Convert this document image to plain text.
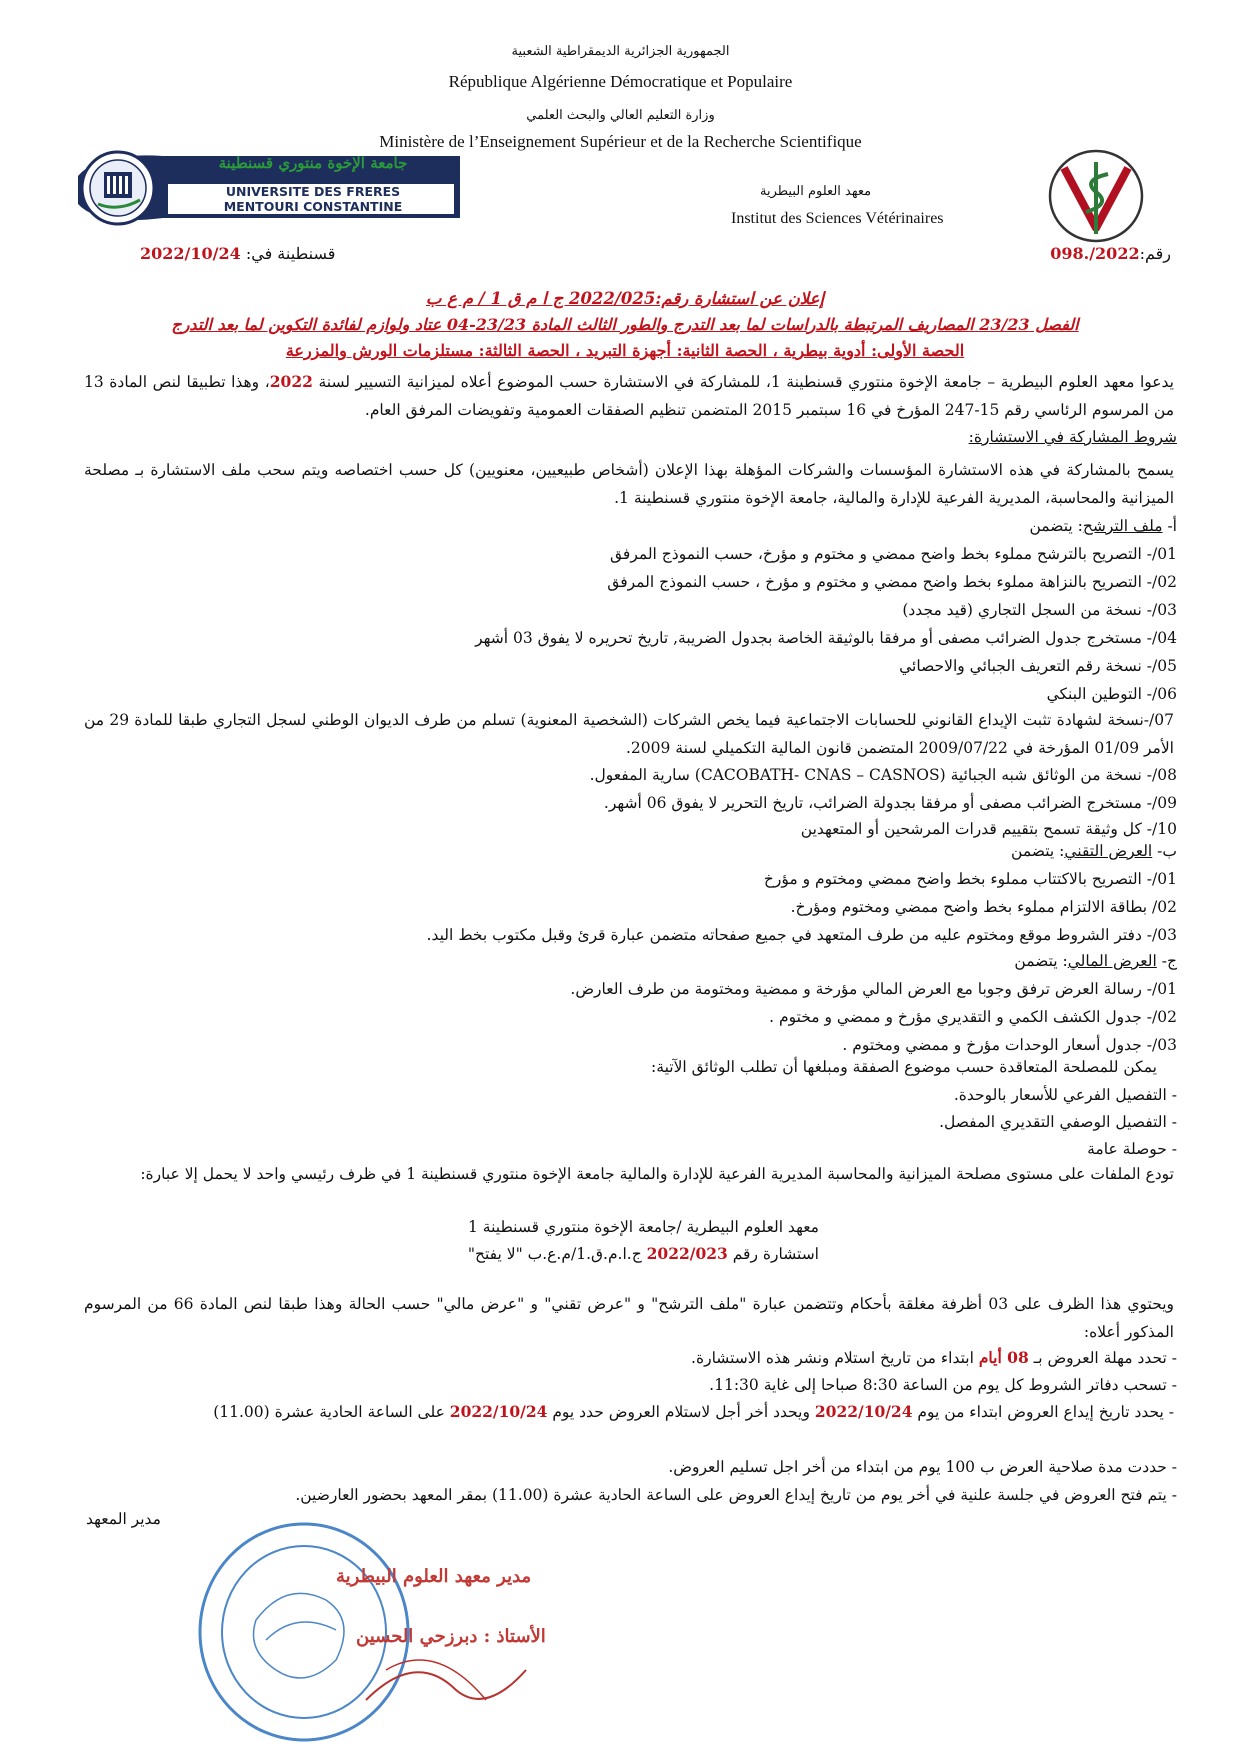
الجمهورية الجزائرية الديمقراطية الشعبية
République Algérienne Démocratique et Populaire
وزارة التعليم العالي والبحث العلمي
Ministère de l’Enseignement Supérieur et de la Recherche Scientifique
جامعة الإخوة منتوري قسنطينة
UNIVERSITE DES FRERES
MENTOURI CONSTANTINE
معهد العلوم البيطرية
Institut des Sciences Vétérinaires
رقم:2022/.098
قسنطينة في: 2022/10/24
إعلان عن استشارة رقم:2022/025 ج ا م ق 1 / م ع ب
الفصل 23/23 المصاريف المرتبطة بالدراسات لما بعد التدرج والطور الثالث المادة 23/23-04 عتاد ولوازم لفائدة التكوين لما بعد التدرج
الحصة الأولى: أدوية بيطرية ، الحصة الثانية: أجهزة التبريد ، الحصة الثالثة: مستلزمات الورش والمزرعة
يدعوا معهد العلوم البيطرية – جامعة الإخوة منتوري قسنطينة 1، للمشاركة في الاستشارة حسب الموضوع أعلاه لميزانية التسيير لسنة 2022، وهذا تطبيقا لنص المادة 13 من المرسوم الرئاسي رقم 15-247 المؤرخ في 16 سبتمبر 2015 المتضمن تنظيم الصفقات العمومية وتفويضات المرفق العام.
شروط المشاركة في الاستشارة:
يسمح بالمشاركة في هذه الاستشارة المؤسسات والشركات المؤهلة بهذا الإعلان (أشخاص طبيعيين، معنويين) كل حسب اختصاصه ويتم سحب ملف الاستشارة بـ مصلحة الميزانية والمحاسبة، المديرية الفرعية للإدارة والمالية، جامعة الإخوة منتوري قسنطينة 1.
أ- ملف الترشح: يتضمن
01/- التصريح بالترشح مملوء بخط واضح ممضي و مختوم و مؤرخ، حسب النموذج المرفق
02/- التصريح بالنزاهة مملوء بخط واضح ممضي و مختوم و مؤرخ ، حسب النموذج المرفق
03/- نسخة من السجل التجاري (قيد مجدد)
04/- مستخرج جدول الضرائب مصفى أو مرفقا بالوثيقة الخاصة بجدول الضريبة, تاريخ تحريره لا يفوق 03 أشهر
05/- نسخة رقم التعريف الجبائي والاحصائي
06/- التوطين البنكي
07/-نسخة لشهادة تثبت الإيداع القانوني للحسابات الاجتماعية فيما يخص الشركات (الشخصية المعنوية) تسلم من طرف الديوان الوطني لسجل التجاري طبقا للمادة 29 من الأمر 01/09 المؤرخة في 2009/07/22 المتضمن قانون المالية التكميلي لسنة 2009.
08/- نسخة من الوثائق شبه الجبائية (CACOBATH- CNAS – CASNOS) سارية المفعول.
09/- مستخرج الضرائب مصفى أو مرفقا بجدولة الضرائب، تاريخ التحرير لا يفوق 06 أشهر.
10/- كل وثيقة تسمح بتقييم قدرات المرشحين أو المتعهدين
ب- العرض التقني: يتضمن
01/- التصريح بالاكتتاب مملوء بخط واضح ممضي ومختوم و مؤرخ
02/ بطاقة الالتزام مملوء بخط واضح ممضي ومختوم ومؤرخ.
03/- دفتر الشروط موقع ومختوم عليه من طرف المتعهد في جميع صفحاته متضمن عبارة قرئ وقبل مكتوب بخط اليد.
ج- العرض المالي: يتضمن
01/- رسالة العرض ترفق وجوبا مع العرض المالي مؤرخة و ممضية ومختومة من طرف العارض.
02/- جدول الكشف الكمي و التقديري مؤرخ و ممضي و مختوم .
03/- جدول أسعار الوحدات مؤرخ و ممضي ومختوم .
يمكن للمصلحة المتعاقدة حسب موضوع الصفقة ومبلغها أن تطلب الوثائق الآتية:
- التفصيل الفرعي للأسعار بالوحدة.
- التفصيل الوصفي التقديري المفصل.
- حوصلة عامة
تودع الملفات على مستوى مصلحة الميزانية والمحاسبة المديرية الفرعية للإدارة والمالية جامعة الإخوة منتوري قسنطينة 1 في ظرف رئيسي واحد لا يحمل إلا عبارة:
معهد العلوم البيطرية /جامعة الإخوة منتوري قسنطينة 1
استشارة رقم 2022/023 ج.ا.م.ق.1/م.ع.ب "لا يفتح"
ويحتوي هذا الظرف على 03 أظرفة مغلقة بأحكام وتتضمن عبارة "ملف الترشح" و "عرض تقني" و "عرض مالي" حسب الحالة وهذا طبقا لنص المادة 66 من المرسوم المذكور أعلاه:
- تحدد مهلة العروض بـ 08 أيام ابتداء من تاريخ استلام ونشر هذه الاستشارة.
- تسحب دفاتر الشروط كل يوم من الساعة 8:30 صباحا إلى غاية 11:30.
- يحدد تاريخ إيداع العروض ابتداء من يوم 2022/10/24 ويحدد أخر أجل لاستلام العروض حدد يوم 2022/10/24 على الساعة الحادية عشرة (11.00)
- حددت مدة صلاحية العرض ب 100 يوم من ابتداء من أخر اجل تسليم العروض.
- يتم فتح العروض في جلسة علنية في أخر يوم من تاريخ إيداع العروض على الساعة الحادية عشرة (11.00) بمقر المعهد بحضور العارضين.
مدير المعهد
مدير معهد العلوم البيطرية
الأستاذ : دبرزحي الحسين
